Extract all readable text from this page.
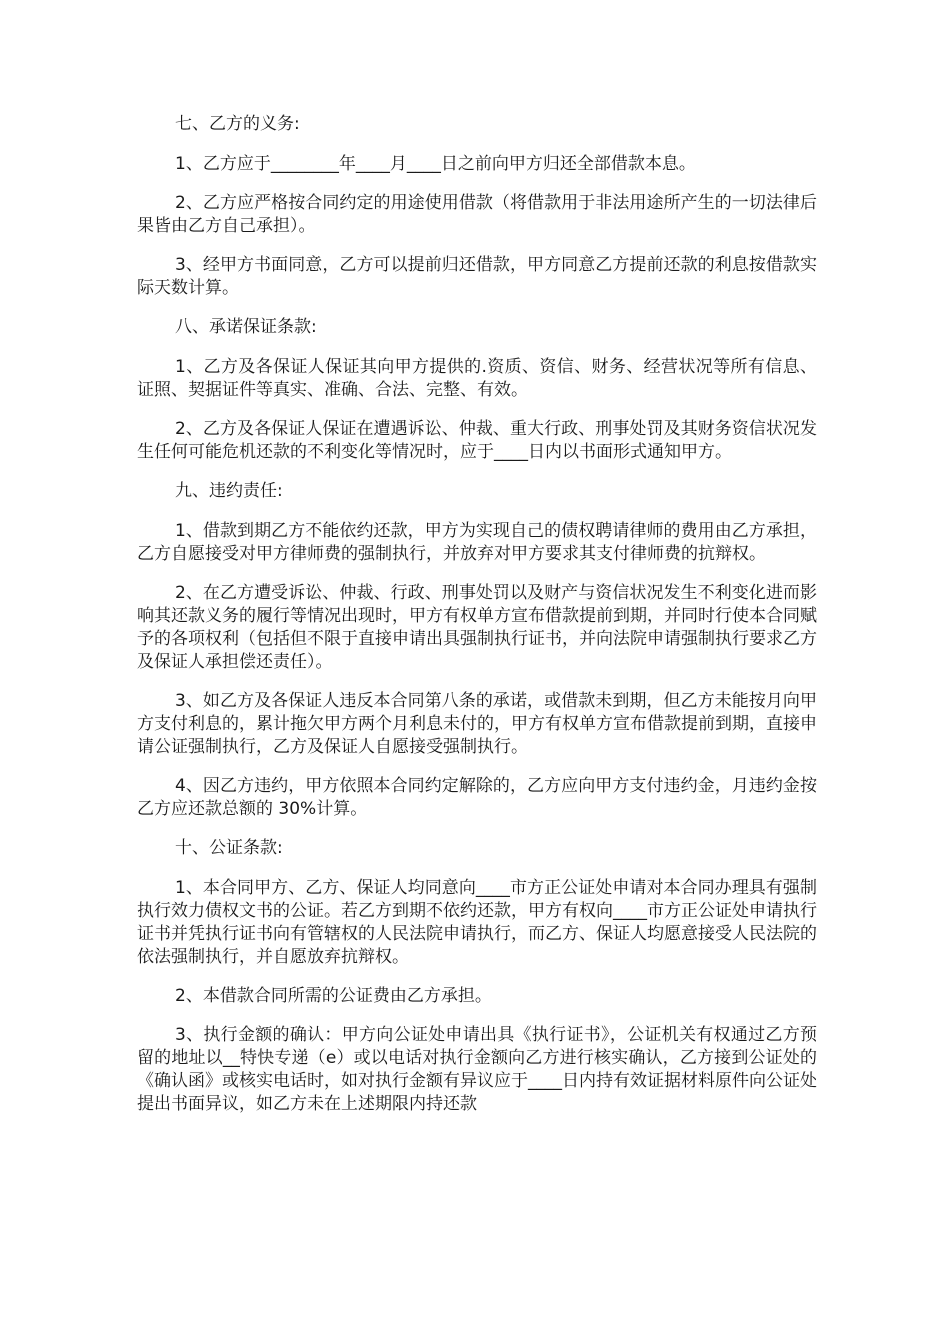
七、乙方的义务:

1、乙方应于________年____月____日之前向甲方归还全部借款本息。

2、乙方应严格按合同约定的用途使用借款（将借款用于非法用途所产生的一切法律后果皆由乙方自己承担）。

3、经甲方书面同意，乙方可以提前归还借款，甲方同意乙方提前还款的利息按借款实际天数计算。

八、承诺保证条款:

1、乙方及各保证人保证其向甲方提供的.资质、资信、财务、经营状况等所有信息、证照、契据证件等真实、准确、合法、完整、有效。

2、乙方及各保证人保证在遭遇诉讼、仲裁、重大行政、刑事处罚及其财务资信状况发生任何可能危机还款的不利变化等情况时，应于____日内以书面形式通知甲方。

九、违约责任:

1、借款到期乙方不能依约还款，甲方为实现自己的债权聘请律师的费用由乙方承担，乙方自愿接受对甲方律师费的强制执行，并放弃对甲方要求其支付律师费的抗辩权。

2、在乙方遭受诉讼、仲裁、行政、刑事处罚以及财产与资信状况发生不利变化进而影响其还款义务的履行等情况出现时，甲方有权单方宣布借款提前到期，并同时行使本合同赋予的各项权利（包括但不限于直接申请出具强制执行证书，并向法院申请强制执行要求乙方及保证人承担偿还责任）。

3、如乙方及各保证人违反本合同第八条的承诺，或借款未到期，但乙方未能按月向甲方支付利息的，累计拖欠甲方两个月利息未付的，甲方有权单方宣布借款提前到期，直接申请公证强制执行，乙方及保证人自愿接受强制执行。

4、因乙方违约，甲方依照本合同约定解除的，乙方应向甲方支付违约金，月违约金按乙方应还款总额的 30%计算。

十、公证条款:

1、本合同甲方、乙方、保证人均同意向____市方正公证处申请对本合同办理具有强制执行效力债权文书的公证。若乙方到期不依约还款，甲方有权向____市方正公证处申请执行证书并凭执行证书向有管辖权的人民法院申请执行，而乙方、保证人均愿意接受人民法院的依法强制执行，并自愿放弃抗辩权。

2、本借款合同所需的公证费由乙方承担。

3、执行金额的确认：甲方向公证处申请出具《执行证书》，公证机关有权通过乙方预留的地址以__特快专递（e）或以电话对执行金额向乙方进行核实确认，乙方接到公证处的《确认函》或核实电话时，如对执行金额有异议应于____日内持有效证据材料原件向公证处提出书面异议，如乙方未在上述期限内持还款
